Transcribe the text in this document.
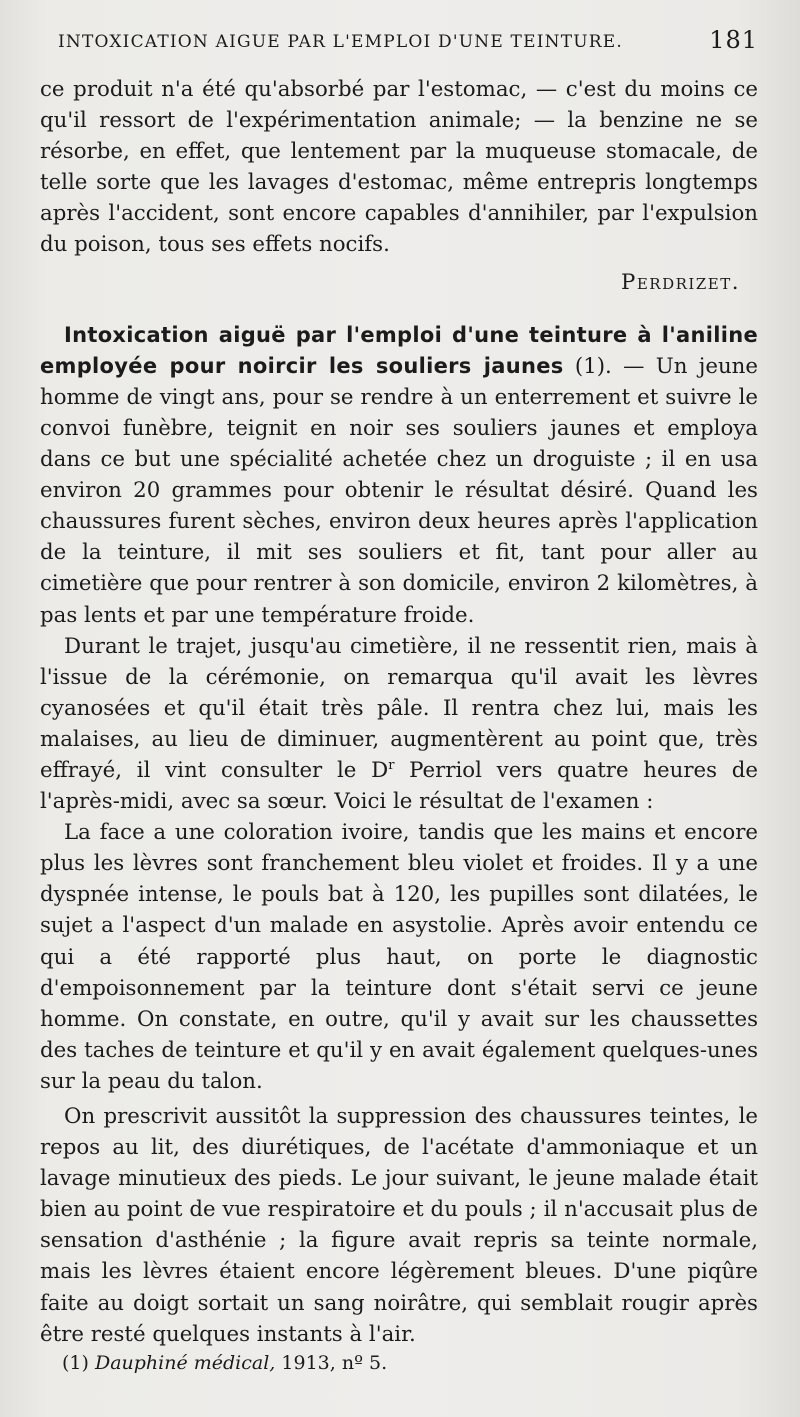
INTOXICATION AIGUE PAR L'EMPLOI D'UNE TEINTURE.	181

ce produit n'a été qu'absorbé par l'estomac, — c'est du moins ce qu'il ressort de l'expérimentation animale; — la benzine ne se résorbe, en effet, que lentement par la muqueuse stomacale, de telle sorte que les lavages d'estomac, même entrepris longtemps après l'accident, sont encore capables d'annihiler, par l'expulsion du poison, tous ses effets nocifs.

Perdrizet.

Intoxication aiguë par l'emploi d'une teinture à l'aniline employée pour noircir les souliers jaunes (1). — Un jeune homme de vingt ans, pour se rendre à un enterrement et suivre le convoi funèbre, teignit en noir ses souliers jaunes et employa dans ce but une spécialité achetée chez un droguiste ; il en usa environ 20 grammes pour obtenir le résultat désiré. Quand les chaussures furent sèches, environ deux heures après l'application de la teinture, il mit ses souliers et fit, tant pour aller au cimetière que pour rentrer à son domicile, environ 2 kilomètres, à pas lents et par une température froide.

Durant le trajet, jusqu'au cimetière, il ne ressentit rien, mais à l'issue de la cérémonie, on remarqua qu'il avait les lèvres cyanosées et qu'il était très pâle. Il rentra chez lui, mais les malaises, au lieu de diminuer, augmentèrent au point que, très effrayé, il vint consulter le $D^r$ Perriol vers quatre heures de l'après-midi, avec sa sœur. Voici le résultat de l'examen :

La face a une coloration ivoire, tandis que les mains et encore plus les lèvres sont franchement bleu violet et froides. Il y a une dyspnée intense, le pouls bat à 120, les pupilles sont dilatées, le sujet a l'aspect d'un malade en asystolie. Après avoir entendu ce qui a été rapporté plus haut, on porte le diagnostic d'empoisonnement par la teinture dont s'était servi ce jeune homme. On constate, en outre, qu'il y avait sur les chaussettes des taches de teinture et qu'il y en avait également quelques-unes sur la peau du talon.

On prescrivit aussitôt la suppression des chaussures teintes, le repos au lit, des diurétiques, de l'acétate d'ammoniaque et un lavage minutieux des pieds. Le jour suivant, le jeune malade était bien au point de vue respiratoire et du pouls ; il n'accusait plus de sensation d'asthénie ; la figure avait repris sa teinte normale, mais les lèvres étaient encore légèrement bleues. D'une piqûre faite au doigt sortait un sang noirâtre, qui semblait rougir après être resté quelques instants à l'air.

(1) Dauphiné médical, 1913, nº 5.
